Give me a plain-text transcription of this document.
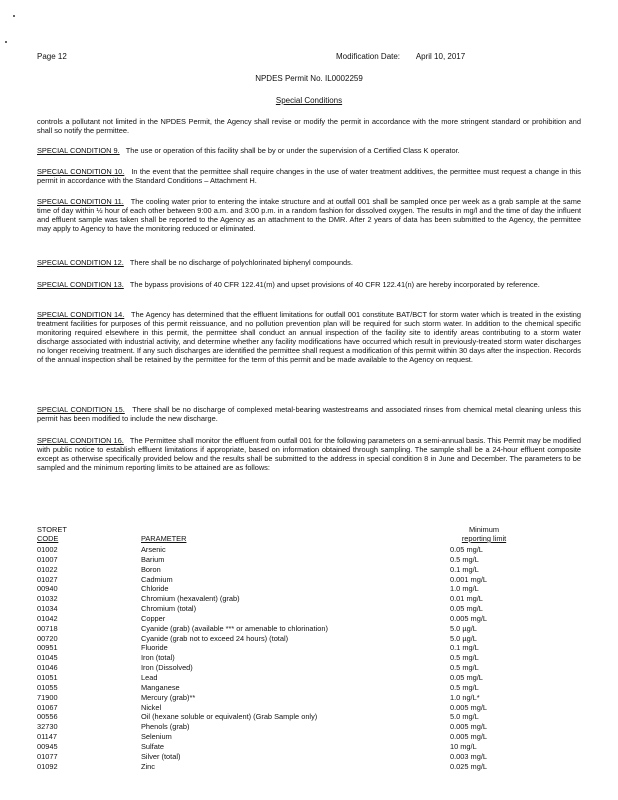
Page 12	Modification Date: April 10, 2017
NPDES Permit No. IL0002259
Special Conditions
controls a pollutant not limited in the NPDES Permit, the Agency shall revise or modify the permit in accordance with the more stringent standard or prohibition and shall so notify the permittee.
SPECIAL CONDITION 9. The use or operation of this facility shall be by or under the supervision of a Certified Class K operator.
SPECIAL CONDITION 10. In the event that the permittee shall require changes in the use of water treatment additives, the permittee must request a change in this permit in accordance with the Standard Conditions – Attachment H.
SPECIAL CONDITION 11. The cooling water prior to entering the intake structure and at outfall 001 shall be sampled once per week as a grab sample at the same time of day within ½ hour of each other between 9:00 a.m. and 3:00 p.m. in a random fashion for dissolved oxygen. The results in mg/l and the time of day the influent and effluent sample was taken shall be reported to the Agency as an attachment to the DMR. After 2 years of data has been submitted to the Agency, the permittee may apply to Agency to have the monitoring reduced or eliminated.
SPECIAL CONDITION 12. There shall be no discharge of polychlorinated biphenyl compounds.
SPECIAL CONDITION 13. The bypass provisions of 40 CFR 122.41(m) and upset provisions of 40 CFR 122.41(n) are hereby incorporated by reference.
SPECIAL CONDITION 14. The Agency has determined that the effluent limitations for outfall 001 constitute BAT/BCT for storm water which is treated in the existing treatment facilities for purposes of this permit reissuance, and no pollution prevention plan will be required for such storm water. In addition to the chemical specific monitoring required elsewhere in this permit, the permittee shall conduct an annual inspection of the facility site to identify areas contributing to a storm water discharge associated with industrial activity, and determine whether any facility modifications have occurred which result in previously-treated storm water discharges no longer receiving treatment. If any such discharges are identified the permittee shall request a modification of this permit within 30 days after the inspection. Records of the annual inspection shall be retained by the permittee for the term of this permit and be made available to the Agency on request.
SPECIAL CONDITION 15. There shall be no discharge of complexed metal-bearing wastestreams and associated rinses from chemical metal cleaning unless this permit has been modified to include the new discharge.
SPECIAL CONDITION 16. The Permittee shall monitor the effluent from outfall 001 for the following parameters on a semi-annual basis. This Permit may be modified with public notice to establish effluent limitations if appropriate, based on information obtained through sampling. The sample shall be a 24-hour effluent composite except as otherwise specifically provided below and the results shall be submitted to the address in special condition 8 in June and December. The parameters to be sampled and the minimum reporting limits to be attained are as follows:
STORET
CODE	PARAMETER
Minimum
reporting limit
01002	Arsenic	0.05 mg/L
01007	Barium	0.5 mg/L
01022	Boron	0.1 mg/L
01027	Cadmium	0.001 mg/L
00940	Chloride	1.0 mg/L
01032	Chromium (hexavalent) (grab)	0.01 mg/L
01034	Chromium (total)	0.05 mg/L
01042	Copper	0.005 mg/L
00718	Cyanide (grab) (available *** or amenable to chlorination)	5.0 µg/L
00720	Cyanide (grab not to exceed 24 hours) (total)	5.0 µg/L
00951	Fluoride	0.1 mg/L
01045	Iron (total)	0.5 mg/L
01046	Iron (Dissolved)	0.5 mg/L
01051	Lead	0.05 mg/L
01055	Manganese	0.5 mg/L
71900	Mercury (grab)**	1.0 ng/L*
01067	Nickel	0.005 mg/L
00556	Oil (hexane soluble or equivalent) (Grab Sample only)	5.0 mg/L
32730	Phenols (grab)	0.005 mg/L
01147	Selenium	0.005 mg/L
00945	Sulfate	10 mg/L
01077	Silver (total)	0.003 mg/L
01092	Zinc	0.025 mg/L
